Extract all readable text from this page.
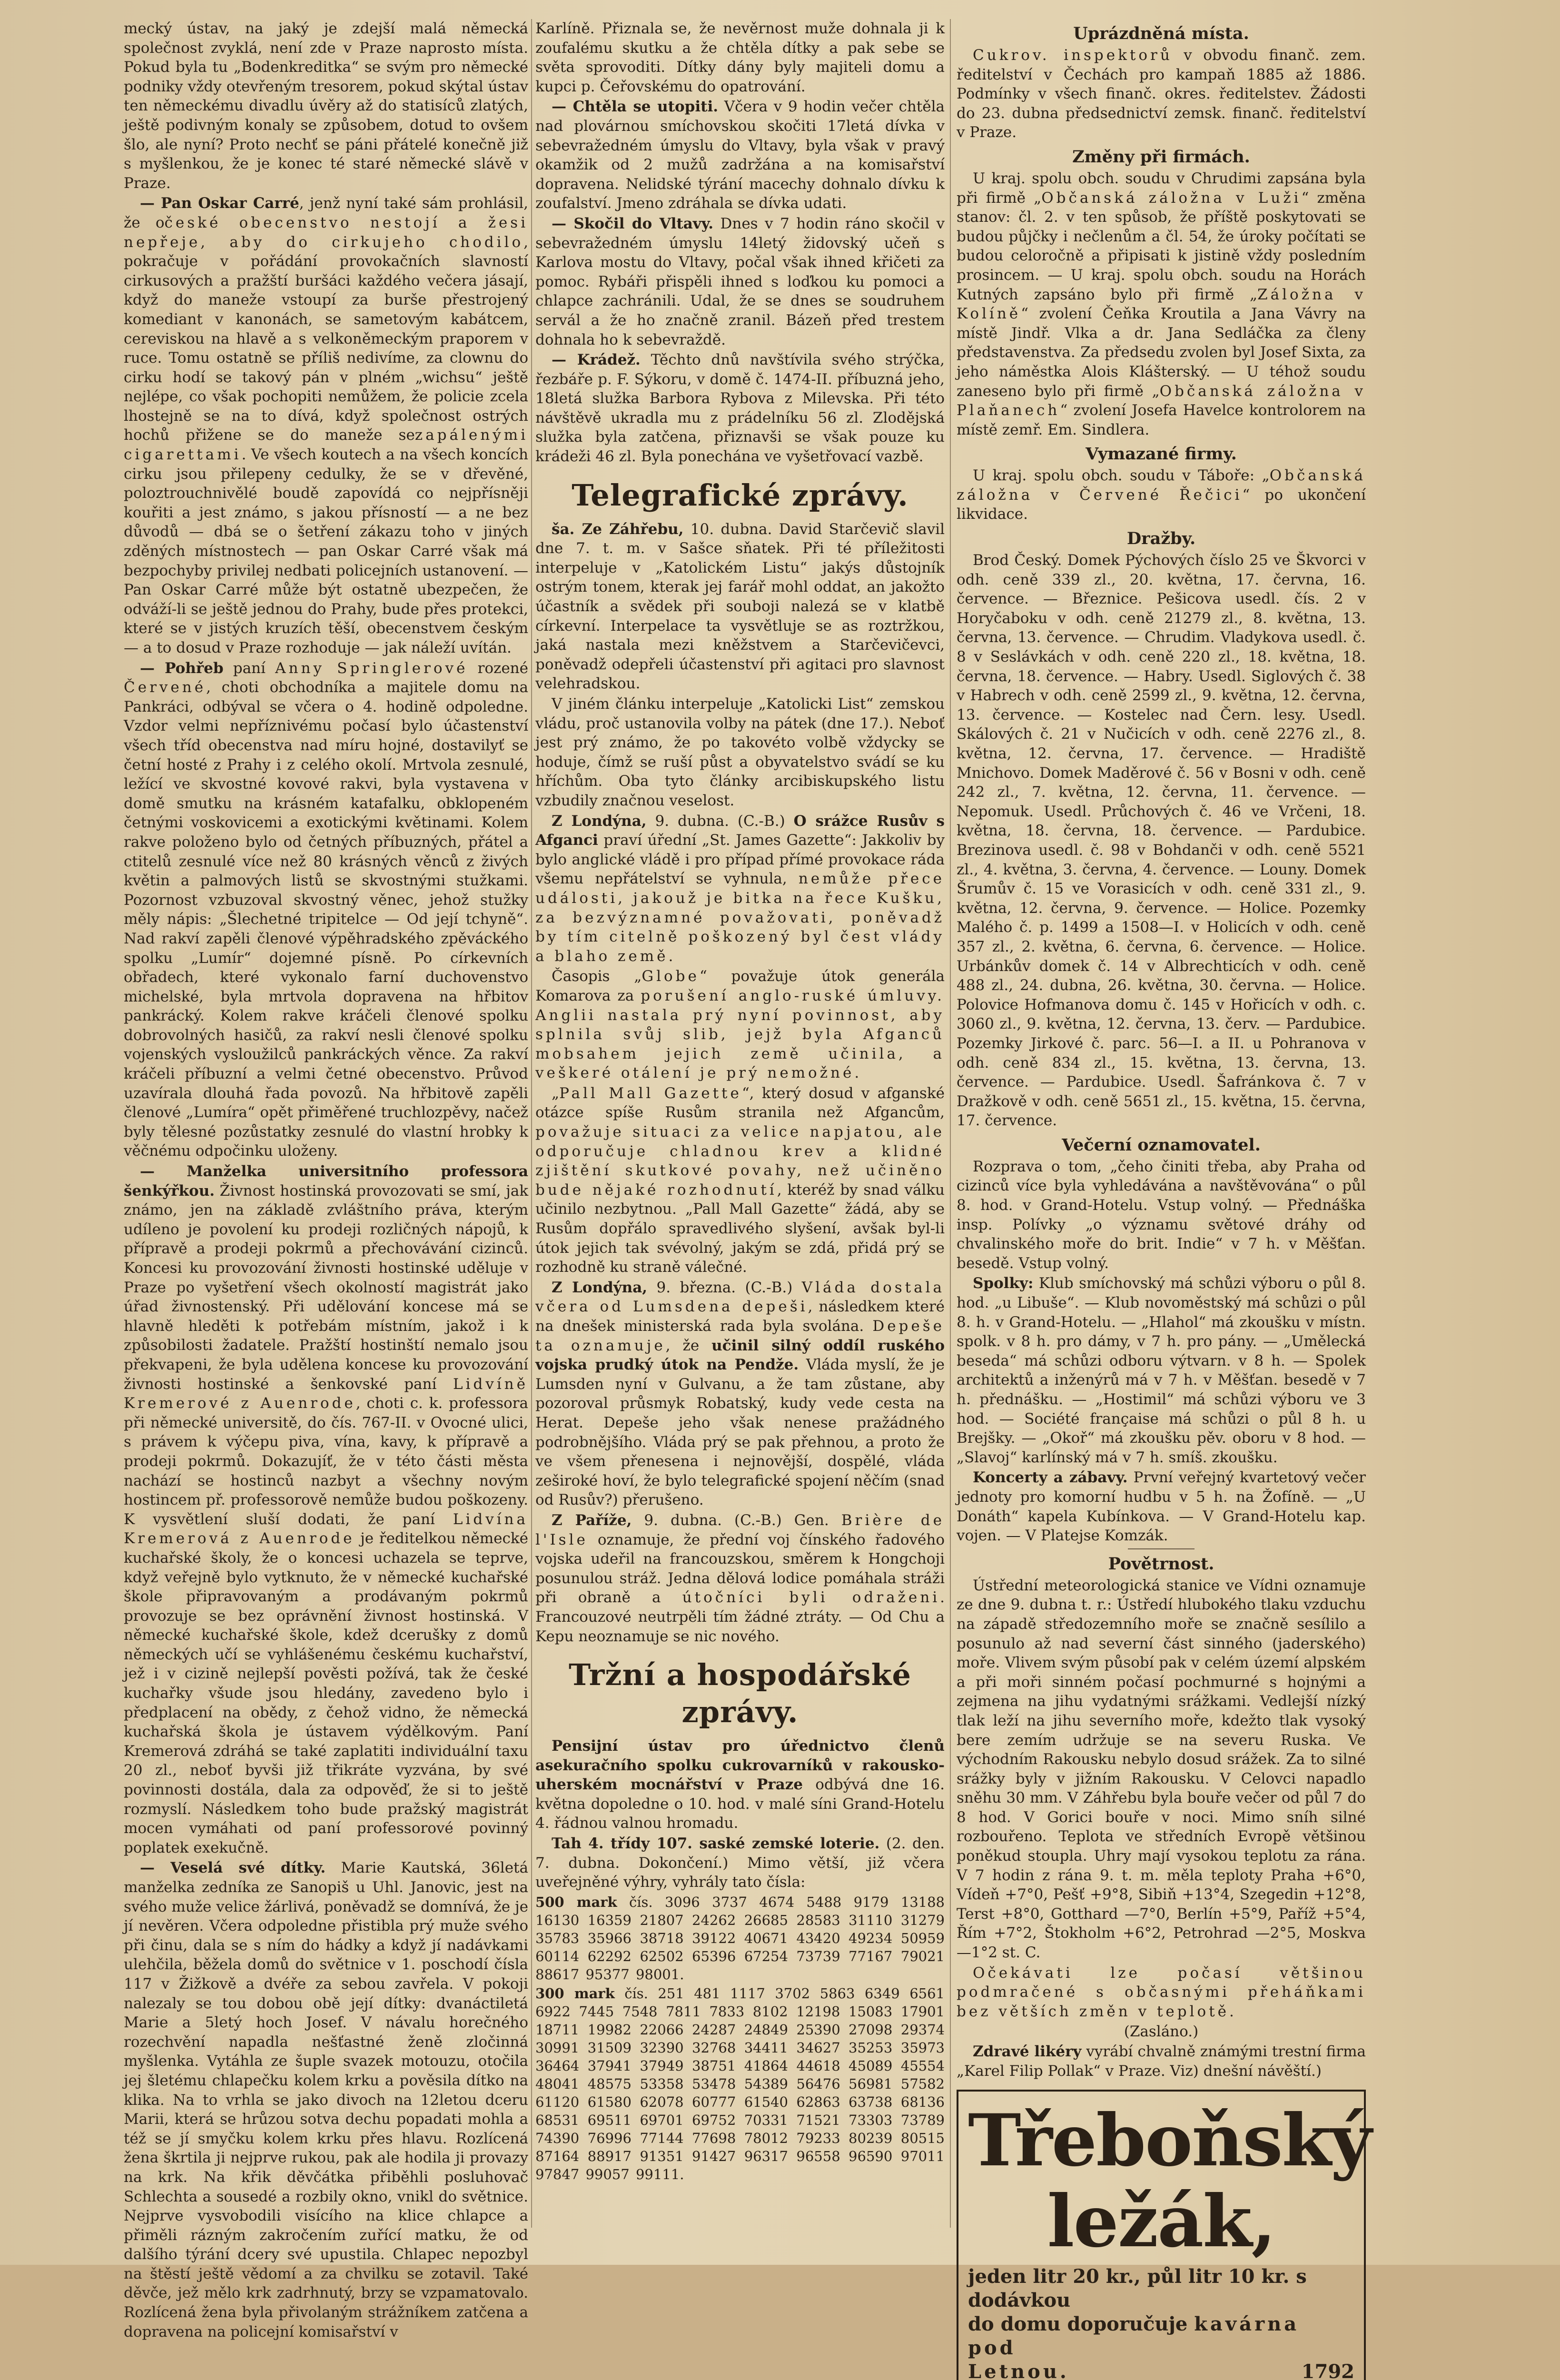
mecký ústav, na jaký je zdejší malá německá společnost zvyklá, není zde v Praze naprosto místa. Pokud byla tu „Bodenkreditka“ se svým pro německé podniky vždy otevřeným tresorem, pokud skýtal ústav ten německému divadlu úvěry až do statisíců zlatých, ještě podivným konaly se způsobem, dotud to ovšem šlo, ale nyní? Proto nechť se páni přátelé konečně již s myšlenkou, že je konec té staré německé slávě v Praze.

— Pan Oskar Carré, jenž nyní také sám prohlásil, že očeské obecenstvo nestojí a žesi nepřeje, aby do cirkujeho chodilo, pokračuje v pořádání provokačních slavností cirkusových a pražští buršáci každého večera jásají, když do maneže vstoupí za burše přestrojený komediant v kanonách, se sametovým kabátcem, cereviskou na hlavě a s velkoněmeckým praporem v ruce. Tomu ostatně se příliš nedivíme, za clownu do cirku hodí se takový pán v plném „wichsu“ ještě nejlépe, co však pochopiti nemůžem, že policie zcela lhostejně se na to dívá, když společnost ostrých hochů přižene se do maneže sezapálenými cigarettami. Ve všech koutech a na všech koncích cirku jsou přilepeny cedulky, že se v dřevěné, poloztrouchnivělé boudě zapovídá co nejpřísněji kouřiti a jest známo, s jakou přísností — a ne bez důvodů — dbá se o šetření zákazu toho v jiných zděných místnostech — pan Oskar Carré však má bezpochyby privilej nedbati policejních ustanovení. — Pan Oskar Carré může být ostatně ubezpečen, že odváží-li se ještě jednou do Prahy, bude přes protekci, které se v jistých kruzích těší, obecenstvem českým — a to dosud v Praze rozhoduje — jak náleží uvítán.

— Pohřeb paní Anny Springlerové rozené Červené, choti obchodníka a majitele domu na Pankráci, odbýval se včera o 4. hodině odpoledne. Vzdor velmi nepříznivému počasí bylo účastenství všech tříd obecenstva nad míru hojné, dostavilyť se četní hosté z Prahy i z celého okolí. Mrtvola zesnulé, ležící ve skvostné kovové rakvi, byla vystavena v domě smutku na krásném katafalku, obklopeném četnými voskovicemi a exotickými květinami. Kolem rakve položeno bylo od četných příbuzných, přátel a ctitelů zesnulé více než 80 krásných věnců z živých květin a palmových listů se skvostnými stužkami. Pozornost vzbuzoval skvostný věnec, jehož stužky měly nápis: „Šlechetné tripitelce — Od její tchyně“. Nad rakví zapěli členové výpěhradského zpěváckého spolku „Lumír“ dojemné písně. Po církevních obřadech, které vykonalo farní duchovenstvo michelské, byla mrtvola dopravena na hřbitov pankrácký. Kolem rakve kráčeli členové spolku dobrovolných hasičů, za rakví nesli členové spolku vojenských vysloužilců pankráckých věnce. Za rakví kráčeli příbuzní a velmi četné obecenstvo. Průvod uzavírala dlouhá řada povozů. Na hřbitově zapěli členové „Lumíra“ opět přiměřené truchlozpěvy, načež byly tělesné pozůstatky zesnulé do vlastní hrobky k věčnému odpočinku uloženy.

— Manželka universitního professora šenkýřkou. Živnost hostinská provozovati se smí, jak známo, jen na základě zvláštního práva, kterým udíleno je povolení ku prodeji rozličných nápojů, k přípravě a prodeji pokrmů a přechovávání cizinců. Koncesi ku provozování živnosti hostinské uděluje v Praze po vyšetření všech okolností magistrát jako úřad živnostenský. Při udělování koncese má se hlavně hleděti k potřebám místním, jakož i k způsobilosti žadatele. Pražští hostinští nemalo jsou překvapeni, že byla udělena koncese ku provozování živnosti hostinské a šenkovské paní Lidvíně Kremerové z Auenrode, choti c. k. professora při německé universitě, do čís. 767-II. v Ovocné ulici, s právem k výčepu piva, vína, kavy, k přípravě a prodeji pokrmů. Dokazujíť, že v této části města nachází se hostinců nazbyt a všechny novým hostincem př. professorově nemůže budou poškozeny. K vysvětlení sluší dodati, že paní Lidvína Kremerová z Auenrode je ředitelkou německé kuchařské školy, že o koncesi uchazela se teprve, když veřejně bylo vytknuto, že v německé kuchařské škole připravovaným a prodávaným pokrmů provozuje se bez oprávnění živnost hostinská. V německé kuchařské škole, kdež dcerušky z domů německých učí se vyhlášenému českému kuchařství, jež i v cizině nejlepší pověsti požívá, tak že české kuchařky všude jsou hledány, zavedeno bylo i předplacení na obědy, z čehož vidno, že německá kuchařská škola je ústavem výdělkovým. Paní Kremerová zdráhá se také zaplatiti individuální taxu 20 zl., neboť byvši již třikráte vyzvána, by své povinnosti dostála, dala za odpověď, že si to ještě rozmyslí. Následkem toho bude pražský magistrát mocen vymáhati od paní professorové povinný poplatek exekučně.

— Veselá své dítky. Marie Kautská, 36letá manželka zedníka ze Sanopiš u Uhl. Janovic, jest na svého muže velice žárlivá, poněvadž se domnívá, že je jí nevěren. Včera odpoledne přistibla prý muže svého při činu, dala se s ním do hádky a když jí nadávkami ulehčila, běžela domů do světnice v 1. poschodí čísla 117 v Žižkově a dvéře za sebou zavřela. V pokoji nalezaly se tou dobou obě její dítky: dvanáctiletá Marie a 5letý hoch Josef. V návalu horečného rozechvění napadla nešťastné ženě zločinná myšlenka. Vytáhla ze šuple svazek motouzu, otočila jej šletému chlapečku kolem krku a pověsila dítko na klika. Na to vrhla se jako divoch na 12letou dceru Marii, která se hrůzou sotva dechu popadati mohla a též se jí smyčku kolem krku přes hlavu. Rozlícená žena škrtila ji nejprve rukou, pak ale hodila ji provazy na krk. Na křik děvčátka přiběhli posluhovač Schlechta a sousedé a rozbily okno, vnikl do světnice. Nejprve vysvobodili visícího na klice chlapce a přiměli rázným zakročením zuřící matku, že od dalšího týrání dcery své upustila. Chlapec nepozbyl na štěstí ještě vědomí a za chvilku se zotavil. Také děvče, jež mělo krk zadrhnutý, brzy se vzpamatovalo. Rozlícená žena byla přivolaným strážníkem zatčena a dopravena na policejní komisařství v

Karlíně. Přiznala se, že nevěrnost muže dohnala ji k zoufalému skutku a že chtěla dítky a pak sebe se světa sprovoditi. Dítky dány byly majiteli domu a kupci p. Čeřovskému do opatrování.

— Chtěla se utopiti. Včera v 9 hodin večer chtěla nad plovárnou smíchovskou skočiti 17letá dívka v sebevražedném úmyslu do Vltavy, byla však v pravý okamžik od 2 mužů zadržána a na komisařství dopravena. Nelidské týrání macechy dohnalo dívku k zoufalství. Jmeno zdráhala se dívka udati.

— Skočil do Vltavy. Dnes v 7 hodin ráno skočil v sebevražedném úmyslu 14letý židovský učeň s Karlova mostu do Vltavy, počal však ihned křičeti za pomoc. Rybáři přispěli ihned s loďkou ku pomoci a chlapce zachránili. Udal, že se dnes se soudruhem servál a že ho značně zranil. Bázeň před trestem dohnala ho k sebevraždě.

— Krádež. Těchto dnů navštívila svého strýčka, řezbáře p. F. Sýkoru, v domě č. 1474-II. příbuzná jeho, 18letá služka Barbora Rybova z Milevska. Při této návštěvě ukradla mu z prádelníku 56 zl. Zlodějská služka byla zatčena, přiznavši se však pouze ku krádeži 46 zl. Byla ponechána ve vyšetřovací vazbě.

Telegrafické zprávy.

ša. Ze Záhřebu, 10. dubna. David Starčevič slavil dne 7. t. m. v Sašce sňatek. Při té příležitosti interpeluje v „Katolickém Listu“ jakýs důstojník ostrým tonem, kterak jej farář mohl oddat, an jakožto účastník a svědek při souboji nalezá se v klatbě církevní. Interpelace ta vysvětluje se as roztržkou, jaká nastala mezi kněžstvem a Starčevičevci, poněvadž odepřeli účastenství při agitaci pro slavnost velehradskou.

V jiném článku interpeluje „Katolicki List“ zemskou vládu, proč ustanovila volby na pátek (dne 17.). Neboť jest prý známo, že po takovéto volbě vždycky se hoduje, čímž se ruší půst a obyvatelstvo svádí se ku hříchům. Oba tyto články arcibiskupského listu vzbudily značnou veselost.

Z Londýna, 9. dubna. (C.-B.) O srážce Rusův s Afganci praví úřední „St. James Gazette“: Jakkoliv by bylo anglické vládě i pro případ přímé provokace ráda všemu nepřátelství se vyhnula, nemůže přece události, jakouž je bitka na řece Kušku, za bezvýznamné považovati, poněvadž by tím citelně poškozený byl čest vlády a blaho země.

Časopis „Globe“ považuje útok generála Komarova za porušení anglo-ruské úmluvy. Anglii nastala prý nyní povinnost, aby splnila svůj slib, jejž byla Afganců mobsahem jejich země učinila, a veškeré otálení je prý nemožné.

„Pall Mall Gazette“, který dosud v afganské otázce spíše Rusům stranila než Afgancům, považuje situaci za velice napjatou, ale odporučuje chladnou krev a klidné zjištění skutkové povahy, než učiněno bude nějaké rozhodnutí, kteréž by snad válku učinilo nezbytnou. „Pall Mall Gazette“ žádá, aby se Rusům dopřálo spravedlivého slyšení, avšak byl-li útok jejich tak svévolný, jakým se zdá, přidá prý se rozhodně ku straně válečné.

Z Londýna, 9. března. (C.-B.) Vláda dostala včera od Lumsdena depeši, následkem které na dnešek ministerská rada byla svolána. Depeše ta oznamuje, že učinil silný oddíl ruského vojska prudký útok na Pendže. Vláda myslí, že je Lumsden nyní v Gulvanu, a že tam zůstane, aby pozoroval průsmyk Robatský, kudy vede cesta na Herat. Depeše jeho však nenese pražádného podrobnějšího. Vláda prý se pak přehnou, a proto že ve všem přenesena i nejnovější, dospělé, vláda zeširoké hoví, že bylo telegrafické spojení něčím (snad od Rusův?) přerušeno.

Z Paříže, 9. dubna. (C.-B.) Gen. Brière de l'Isle oznamuje, že přední voj čínského řadového vojska udeřil na francouzskou, směrem k Hongchoji posunulou stráž. Jedna dělová lodice pomáhala stráži při obraně a útočníci byli odraženi. Francouzové neutrpěli tím žádné ztráty. — Od Chu a Kepu neoznamuje se nic nového.

Tržní a hospodářské zprávy.

Pensijní ústav pro úřednictvo členů asekuračního spolku cukrovarníků v rakousko-uherském mocnářství v Praze odbývá dne 16. května dopoledne o 10. hod. v malé síni Grand-Hotelu 4. řádnou valnou hromadu.

Tah 4. třídy 107. saské zemské loterie. (2. den. 7. dubna. Dokončení.) Mimo větší, již včera uveřejněné výhry, vyhrály tato čísla:

500 mark čís. 3096 3737 4674 5488 9179 13188 16130 16359 21807 24262 26685 28583 31110 31279 35783 35966 38718 39122 40671 43420 49234 50959 60114 62292 62502 65396 67254 73739 77167 79021 88617 95377 98001.

300 mark čís. 251 481 1117 3702 5863 6349 6561 6922 7445 7548 7811 7833 8102 12198 15083 17901 18711 19982 22066 24287 24849 25390 27098 29374 30991 31509 32390 32768 34411 34627 35253 35973 36464 37941 37949 38751 41864 44618 45089 45554 48041 48575 53358 53478 54389 56476 56981 57582 61120 61580 62078 60777 61540 62863 63738 68136 68531 69511 69701 69752 70331 71521 73303 73789 74390 76996 77144 77698 78012 79233 80239 80515 87164 88917 91351 91427 96317 96558 96590 97011 97847 99057 99111.

Uprázdněná místa.

Cukrov. inspektorů v obvodu finanč. zem. ředitelství v Čechách pro kampaň 1885 až 1886. Podmínky v všech finanč. okres. ředitelstev. Žádosti do 23. dubna předsednictví zemsk. finanč. ředitelství v Praze.

Změny při firmách.

U kraj. spolu obch. soudu v Chrudimi zapsána byla při firmě „Občanská záložna v Luži“ změna stanov: čl. 2. v ten spůsob, že příště poskytovati se budou půjčky i nečlenům a čl. 54, že úroky počítati se budou celoročně a připisati k jistině vždy posledním prosincem. — U kraj. spolu obch. soudu na Horách Kutných zapsáno bylo při firmě „Záložna v Kolíně“ zvolení Čeňka Kroutila a Jana Vávry na místě Jindř. Vlka a dr. Jana Sedláčka za členy představenstva. Za předsedu zvolen byl Josef Sixta, za jeho náměstka Alois Klášterský. — U téhož soudu zaneseno bylo při firmě „Občanská záložna v Plaňanech“ zvolení Josefa Havelce kontrolorem na místě zemř. Em. Sindlera.

Vymazané firmy.

U kraj. spolu obch. soudu v Táboře: „Občanská záložna v Červené Řečici“ po ukončení likvidace.

Dražby.

Brod Český. Domek Pýchových číslo 25 ve Škvorci v odh. ceně 339 zl., 20. května, 17. června, 16. července. — Březnice. Pešicova usedl. čís. 2 v Horyčaboku v odh. ceně 21279 zl., 8. května, 13. června, 13. července. — Chrudim. Vladykova usedl. č. 8 v Seslávkách v odh. ceně 220 zl., 18. května, 18. června, 18. července. — Habry. Usedl. Siglových č. 38 v Habrech v odh. ceně 2599 zl., 9. května, 12. června, 13. července. — Kostelec nad Čern. lesy. Usedl. Skálových č. 21 v Nučicích v odh. ceně 2276 zl., 8. května, 12. června, 17. července. — Hradiště Mnichovo. Domek Maděrové č. 56 v Bosni v odh. ceně 242 zl., 7. května, 12. června, 11. července. — Nepomuk. Usedl. Průchových č. 46 ve Vrčeni, 18. května, 18. června, 18. července. — Pardubice. Brezinova usedl. č. 98 v Bohdanči v odh. ceně 5521 zl., 4. května, 3. června, 4. července. — Louny. Domek Šrumův č. 15 ve Vorasicích v odh. ceně 331 zl., 9. května, 12. června, 9. července. — Holice. Pozemky Malého č. p. 1499 a 1508—I. v Holicích v odh. ceně 357 zl., 2. května, 6. června, 6. července. — Holice. Urbánkův domek č. 14 v Albrechticích v odh. ceně 488 zl., 24. dubna, 26. května, 30. června. — Holice. Polovice Hofmanova domu č. 145 v Hořicích v odh. c. 3060 zl., 9. května, 12. června, 13. červ. — Pardubice. Pozemky Jirkové č. parc. 56—I. a II. u Pohranova v odh. ceně 834 zl., 15. května, 13. června, 13. července. — Pardubice. Usedl. Šafránkova č. 7 v Dražkově v odh. ceně 5651 zl., 15. května, 15. června, 17. července.

Večerní oznamovatel.

Rozprava o tom, „čeho činiti třeba, aby Praha od cizinců více byla vyhledávána a navštěvována“ o půl 8. hod. v Grand-Hotelu. Vstup volný. — Přednáška insp. Polívky „o významu světové dráhy od chvalinského moře do brit. Indie“ v 7 h. v Měšťan. besedě. Vstup volný.

Spolky: Klub smíchovský má schůzi výboru o půl 8. hod. „u Libuše“. — Klub novoměstský má schůzi o půl 8. h. v Grand-Hotelu. — „Hlahol“ má zkoušku v místn. spolk. v 8 h. pro dámy, v 7 h. pro pány. — „Umělecká beseda“ má schůzi odboru výtvarn. v 8 h. — Spolek architektů a inženýrů má v 7 h. v Měšťan. besedě v 7 h. přednášku. — „Hostimil“ má schůzi výboru ve 3 hod. — Société française má schůzi o půl 8 h. u Brejšky. — „Okoř“ má zkoušku pěv. oboru v 8 hod. — „Slavoj“ karlínský má v 7 h. smíš. zkoušku.

Koncerty a zábavy. První veřejný kvartetový večer jednoty pro komorní hudbu v 5 h. na Žofíně. — „U Donáth“ kapela Kubínkova. — V Grand-Hotelu kap. vojen. — V Platejse Komzák.

Povětrnost.

Ústřední meteorologická stanice ve Vídni oznamuje ze dne 9. dubna t. r.: Ústředí hlubokého tlaku vzduchu na západě středozemního moře se značně sesílilo a posunulo až nad severní část sinného (jaderského) moře. Vlivem svým působí pak v celém území alpském a při moři sinném počasí pochmurné s hojnými a zejmena na jihu vydatnými srážkami. Vedlejší nízký tlak leží na jihu severního moře, kdežto tlak vysoký bere zemím udržuje se na severu Ruska. Ve východním Rakousku nebylo dosud srážek. Za to silné srážky byly v jižním Rakousku. V Celovci napadlo sněhu 30 mm. V Záhřebu byla bouře večer od půl 7 do 8 hod. V Gorici bouře v noci. Mimo sníh silné rozbouřeno. Teplota ve středních Evropě většinou poněkud stoupla. Uhry mají vysokou teplotu za rána. V 7 hodin z rána 9. t. m. měla teploty Praha +6°0, Vídeň +7°0, Pešť +9°8, Sibiň +13°4, Szegedin +12°8, Terst +8°0, Gotthard —7°0, Berlín +5°9, Paříž +5°4, Řím +7°2, Štokholm +6°2, Petrohrad —2°5, Moskva —1°2 st. C.

Očekávati lze počasí většinou podmračené s občasnými přeháňkami bez větších změn v teplotě.

(Zasláno.)

Zdravé likéry vyrábí chvalně známými trestní firma „Karel Filip Pollak“ v Praze. Viz) dnešní návěští.)

Třeboňský ležák,
jeden litr 20 kr., půl litr 10 kr. s dodávkou
do domu doporučuje kavárna pod
Letnou.	1792
